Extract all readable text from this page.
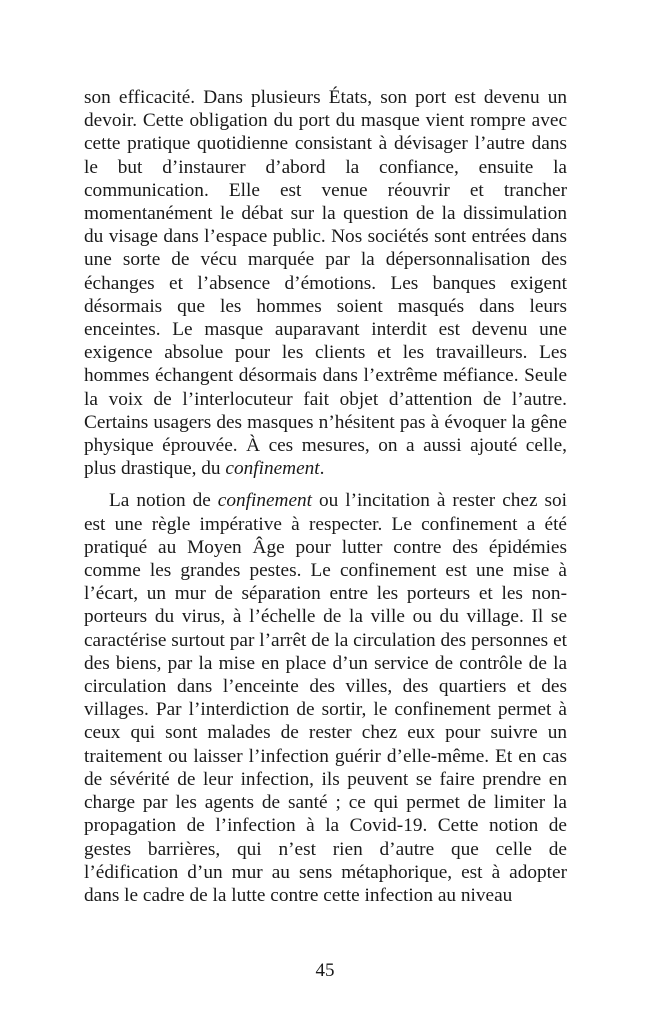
son efficacité. Dans plusieurs États, son port est devenu un devoir. Cette obligation du port du masque vient rompre avec cette pratique quotidienne consistant à dévisager l’autre dans le but d’instaurer d’abord la confiance, ensuite la communication. Elle est venue réouvrir et trancher momentanément le débat sur la question de la dissimulation du visage dans l’espace public. Nos sociétés sont entrées dans une sorte de vécu marquée par la dépersonnalisation des échanges et l’absence d’émotions. Les banques exigent désormais que les hommes soient masqués dans leurs enceintes. Le masque auparavant interdit est devenu une exigence absolue pour les clients et les travailleurs. Les hommes échangent désormais dans l’extrême méfiance. Seule la voix de l’interlocuteur fait objet d’attention de l’autre. Certains usagers des masques n’hésitent pas à évoquer la gêne physique éprouvée. À ces mesures, on a aussi ajouté celle, plus drastique, du confinement.

La notion de confinement ou l’incitation à rester chez soi est une règle impérative à respecter. Le confinement a été pratiqué au Moyen Âge pour lutter contre des épidémies comme les grandes pestes. Le confinement est une mise à l’écart, un mur de séparation entre les porteurs et les non-porteurs du virus, à l’échelle de la ville ou du village. Il se caractérise surtout par l’arrêt de la circulation des personnes et des biens, par la mise en place d’un service de contrôle de la circulation dans l’enceinte des villes, des quartiers et des villages. Par l’interdiction de sortir, le confinement permet à ceux qui sont malades de rester chez eux pour suivre un traitement ou laisser l’infection guérir d’elle-même. Et en cas de sévérité de leur infection, ils peuvent se faire prendre en charge par les agents de santé ; ce qui permet de limiter la propagation de l’infection à la Covid-19. Cette notion de gestes barrières, qui n’est rien d’autre que celle de l’édification d’un mur au sens métaphorique, est à adopter dans le cadre de la lutte contre cette infection au niveau

45
